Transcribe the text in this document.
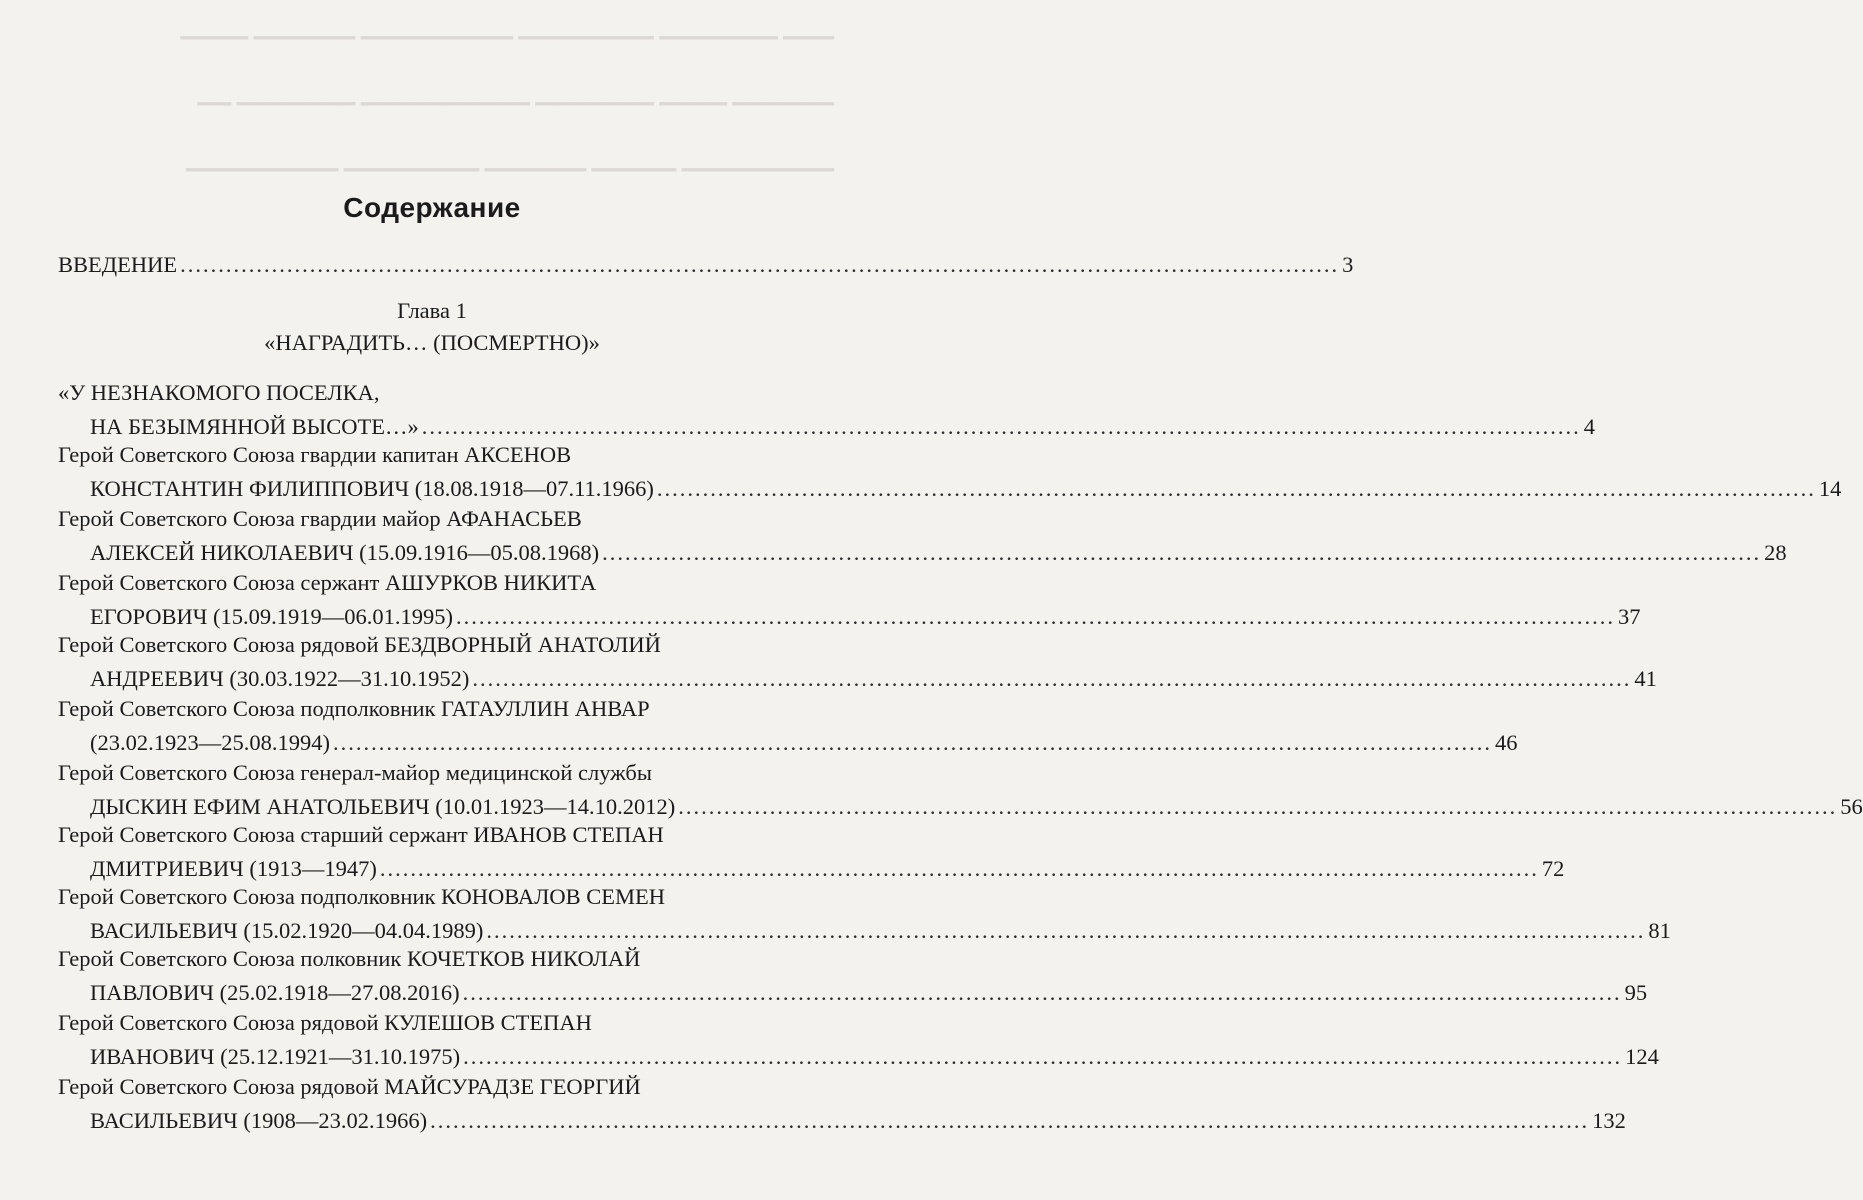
▁▁▁ ▁▁▁▁▁▁▁ ▁▁▁▁▁▁▁▁ ▁▁▁▁▁▁▁▁▁ ▁▁▁▁▁▁ ▁▁▁▁
▁▁▁▁▁▁ ▁▁▁▁ ▁▁▁▁▁▁▁ ▁▁▁▁▁▁▁▁▁▁ ▁▁▁▁▁▁▁ ▁▁
▁▁▁▁▁▁▁▁▁ ▁▁▁▁▁ ▁▁▁▁▁▁ ▁▁▁▁▁▁▁▁ ▁▁▁▁▁▁▁▁▁
Содержание
ВВЕДЕНИЕ ........................................................................................................................................................ 3
Глава 1
«НАГРАДИТЬ… (ПОСМЕРТНО)»
«У НЕЗНАКОМОГО ПОСЕЛКА,
НА БЕЗЫМЯННОЙ ВЫСОТЕ…» ........................................................................................................................................................ 4
Герой Советского Союза гвардии капитан АКСЕНОВ
КОНСТАНТИН ФИЛИППОВИЧ (18.08.1918—07.11.1966) ........................................................................................................................................................ 14
Герой Советского Союза гвардии майор АФАНАСЬЕВ
АЛЕКСЕЙ НИКОЛАЕВИЧ (15.09.1916—05.08.1968) ........................................................................................................................................................ 28
Герой Советского Союза сержант АШУРКОВ НИКИТА
ЕГОРОВИЧ (15.09.1919—06.01.1995) ........................................................................................................................................................ 37
Герой Советского Союза рядовой БЕЗДВОРНЫЙ АНАТОЛИЙ
АНДРЕЕВИЧ (30.03.1922—31.10.1952) ........................................................................................................................................................ 41
Герой Советского Союза подполковник ГАТАУЛЛИН АНВАР
(23.02.1923—25.08.1994) ........................................................................................................................................................ 46
Герой Советского Союза генерал-майор медицинской службы
ДЫСКИН ЕФИМ АНАТОЛЬЕВИЧ (10.01.1923—14.10.2012) ........................................................................................................................................................ 56
Герой Советского Союза старший сержант ИВАНОВ СТЕПАН
ДМИТРИЕВИЧ (1913—1947) ........................................................................................................................................................ 72
Герой Советского Союза подполковник КОНОВАЛОВ СЕМЕН
ВАСИЛЬЕВИЧ (15.02.1920—04.04.1989) ........................................................................................................................................................ 81
Герой Советского Союза полковник КОЧЕТКОВ НИКОЛАЙ
ПАВЛОВИЧ (25.02.1918—27.08.2016) ........................................................................................................................................................ 95
Герой Советского Союза рядовой КУЛЕШОВ СТЕПАН
ИВАНОВИЧ (25.12.1921—31.10.1975) ........................................................................................................................................................ 124
Герой Советского Союза рядовой МАЙСУРАДЗЕ ГЕОРГИЙ
ВАСИЛЬЕВИЧ (1908—23.02.1966) ........................................................................................................................................................ 132
